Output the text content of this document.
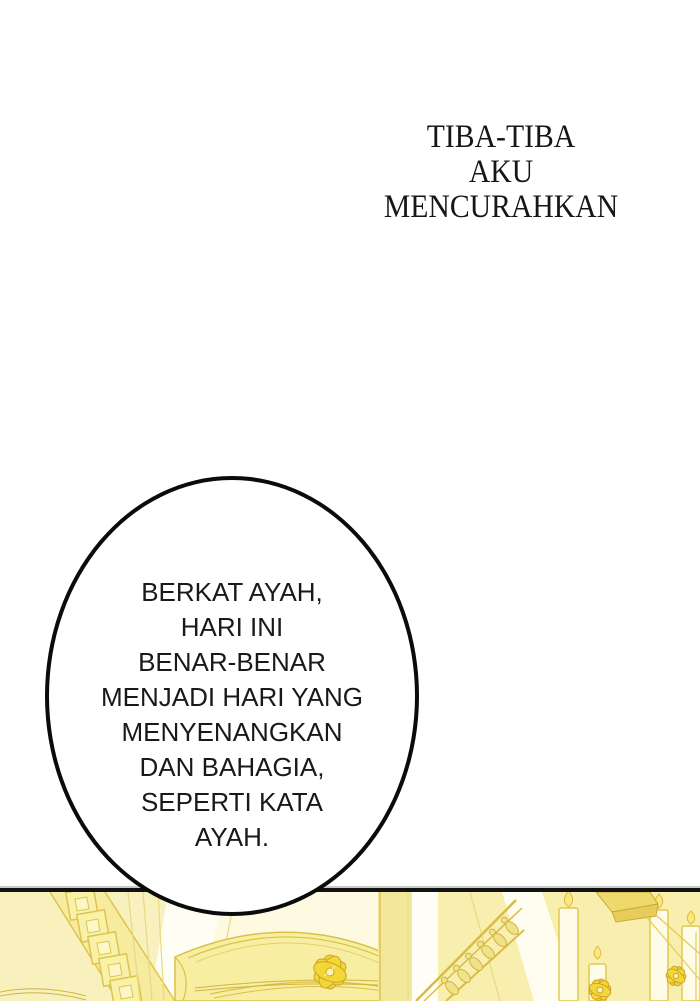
TIBA-TIBA
AKU
MENCURAHKAN
BERKAT AYAH,
HARI INI
BENAR-BENAR
MENJADI HARI YANG
MENYENANGKAN
DAN BAHAGIA,
SEPERTI KATA
AYAH.
